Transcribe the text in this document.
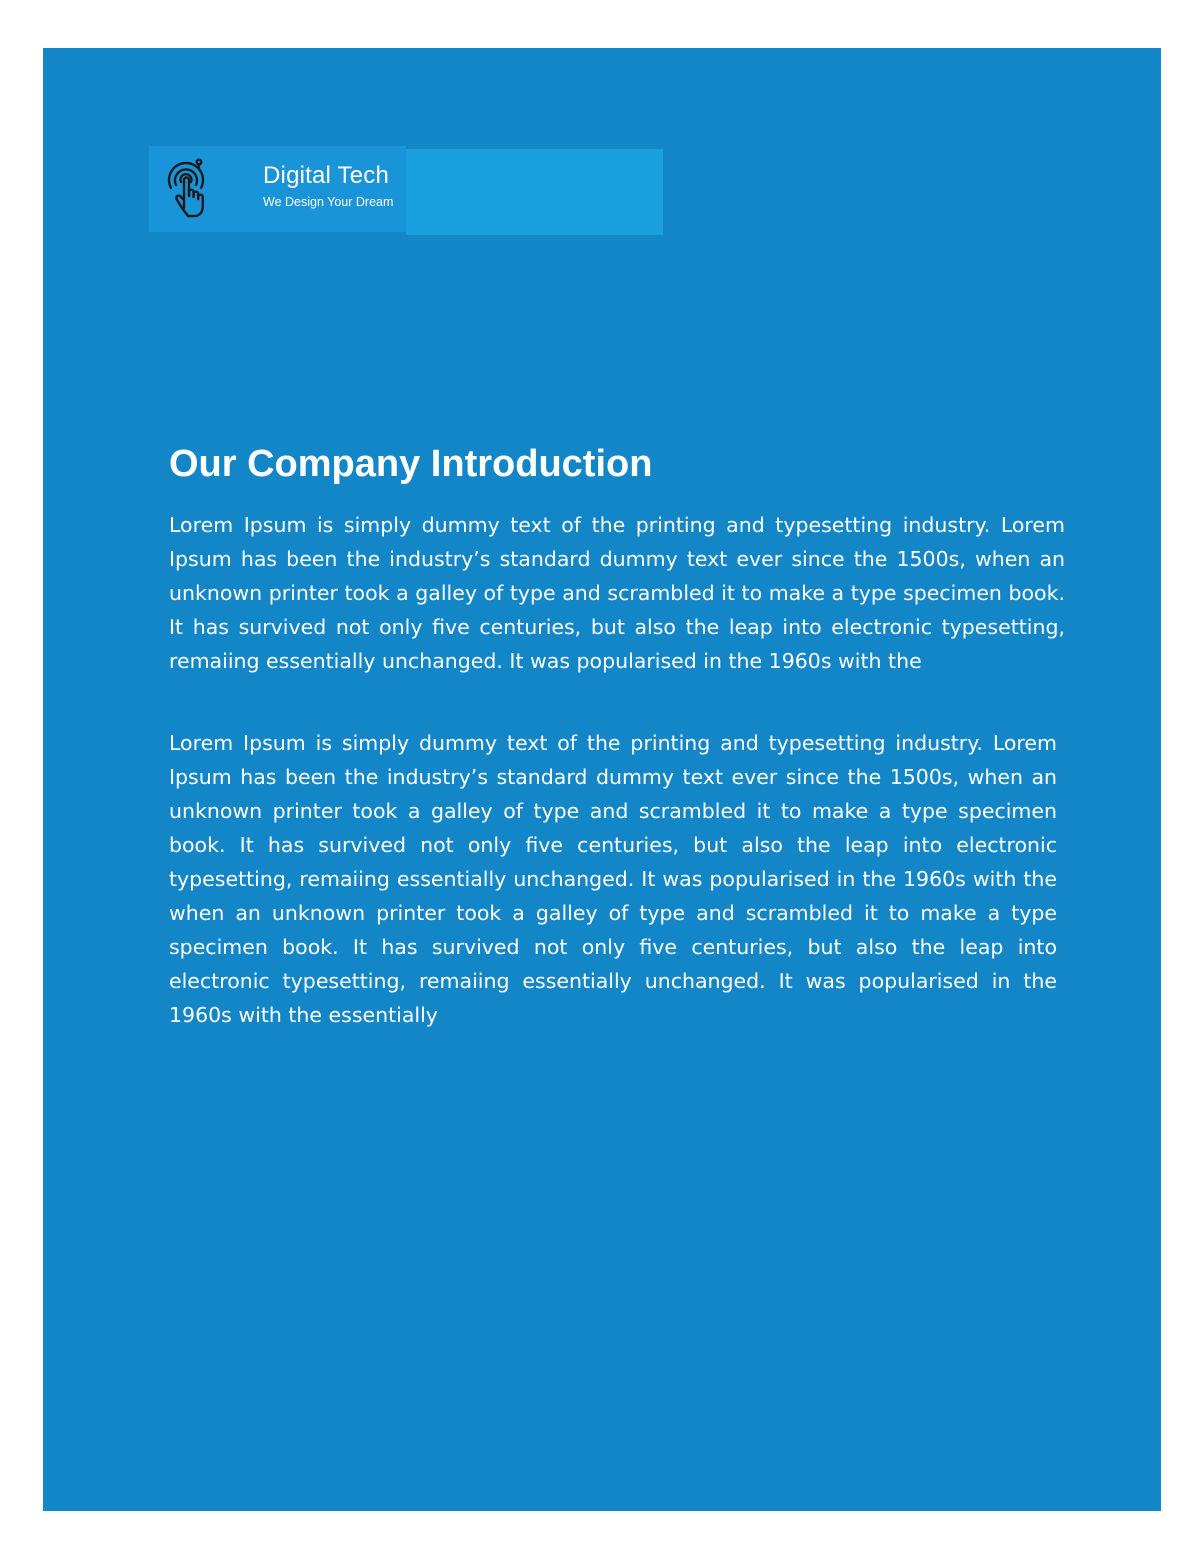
Digital Tech
We Design Your Dream
Our Company Introduction

Lorem Ipsum is simply dummy text of the printing and typesetting industry. Lorem Ipsum has been the industry’s standard dummy text ever since the 1500s, when an unknown printer took a galley of type and scrambled it to make a type specimen book. It has survived not only five centuries, but also the leap into electronic typesetting, remaiing essentially unchanged. It was popularised in the 1960s with the

Lorem Ipsum is simply dummy text of the printing and typesetting industry. Lorem Ipsum has been the industry’s standard dummy text ever since the 1500s, when an unknown printer took a galley of type and scrambled it to make a type specimen book. It has survived not only five centuries, but also the leap into electronic typesetting, remaiing essentially unchanged. It was popularised in the 1960s with the when an unknown printer took a galley of type and scrambled it to make a type specimen book. It has survived not only five centuries, but also the leap into electronic typesetting, remaiing essentially unchanged. It was popularised in the 1960s with the essentially
